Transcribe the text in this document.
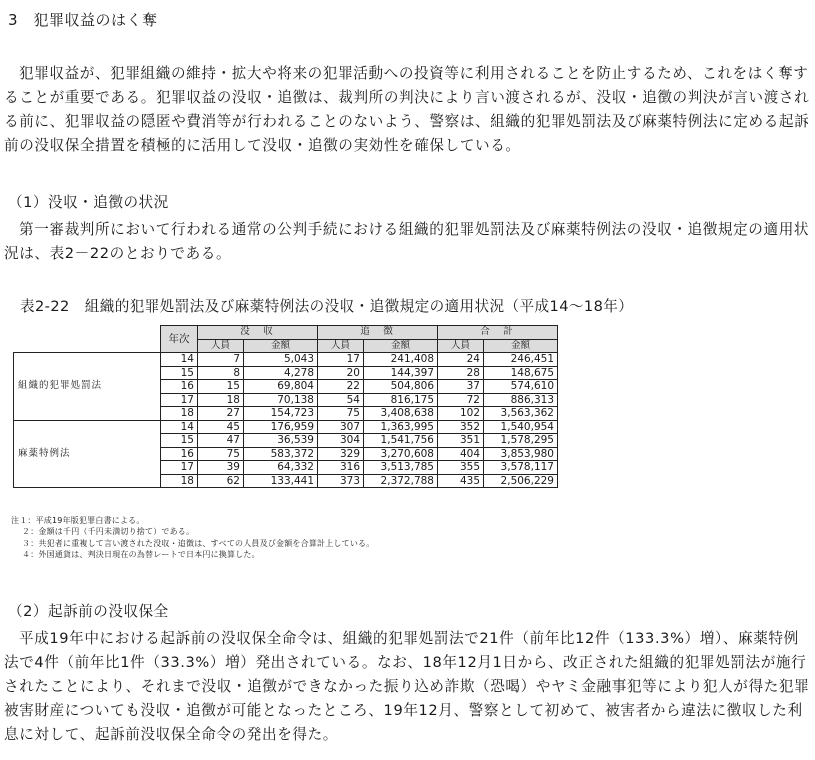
3　犯罪収益のはく奪

犯罪収益が、犯罪組織の維持・拡大や将来の犯罪活動への投資等に利用されることを防止するため、これをはく奪することが重要である。犯罪収益の没収・追徴は、裁判所の判決により言い渡されるが、没収・追徴の判決が言い渡される前に、犯罪収益の隠匿や費消等が行われることのないよう、警察は、組織的犯罪処罰法及び麻薬特例法に定める起訴前の没収保全措置を積極的に活用して没収・追徴の実効性を確保している。

（1）没収・追徴の状況

第一審裁判所において行われる通常の公判手続における組織的犯罪処罰法及び麻薬特例法の没収・追徴規定の適用状況は、表2－22のとおりである。

表2-22　組織的犯罪処罰法及び麻薬特例法の没収・追徴規定の適用状況（平成14～18年）
	年次	没　収		追　徴		合　計	
		人員	金額	人員	金額	人員	金額
組織的犯罪処罰法	14	7	5,043	17	241,408	24	246,451
	15	8	4,278	20	144,397	28	148,675
	16	15	69,804	22	504,806	37	574,610
	17	18	70,138	54	816,175	72	886,313
	18	27	154,723	75	3,408,638	102	3,563,362
麻薬特例法	14	45	176,959	307	1,363,995	352	1,540,954
	15	47	36,539	304	1,541,756	351	1,578,295
	16	75	583,372	329	3,270,608	404	3,853,980
	17	39	64,332	316	3,513,785	355	3,578,117
	18	62	133,441	373	2,372,788	435	2,506,229
注１：平成19年版犯罪白書による。
２：金額は千円（千円未満切り捨て）である。
３：共犯者に重複して言い渡された没収・追徴は、すべての人員及び金額を合算計上している。
４：外国通貨は、判決日現在の為替レートで日本円に換算した。
（2）起訴前の没収保全

平成19年中における起訴前の没収保全命令は、組織的犯罪処罰法で21件（前年比12件（133.3%）増）、麻薬特例法で4件（前年比1件（33.3%）増）発出されている。なお、18年12月1日から、改正された組織的犯罪処罰法が施行されたことにより、それまで没収・追徴ができなかった振り込め詐欺（恐喝）やヤミ金融事犯等により犯人が得た犯罪被害財産についても没収・追徴が可能となったところ、19年12月、警察として初めて、被害者から違法に徴収した利息に対して、起訴前没収保全命令の発出を得た。
